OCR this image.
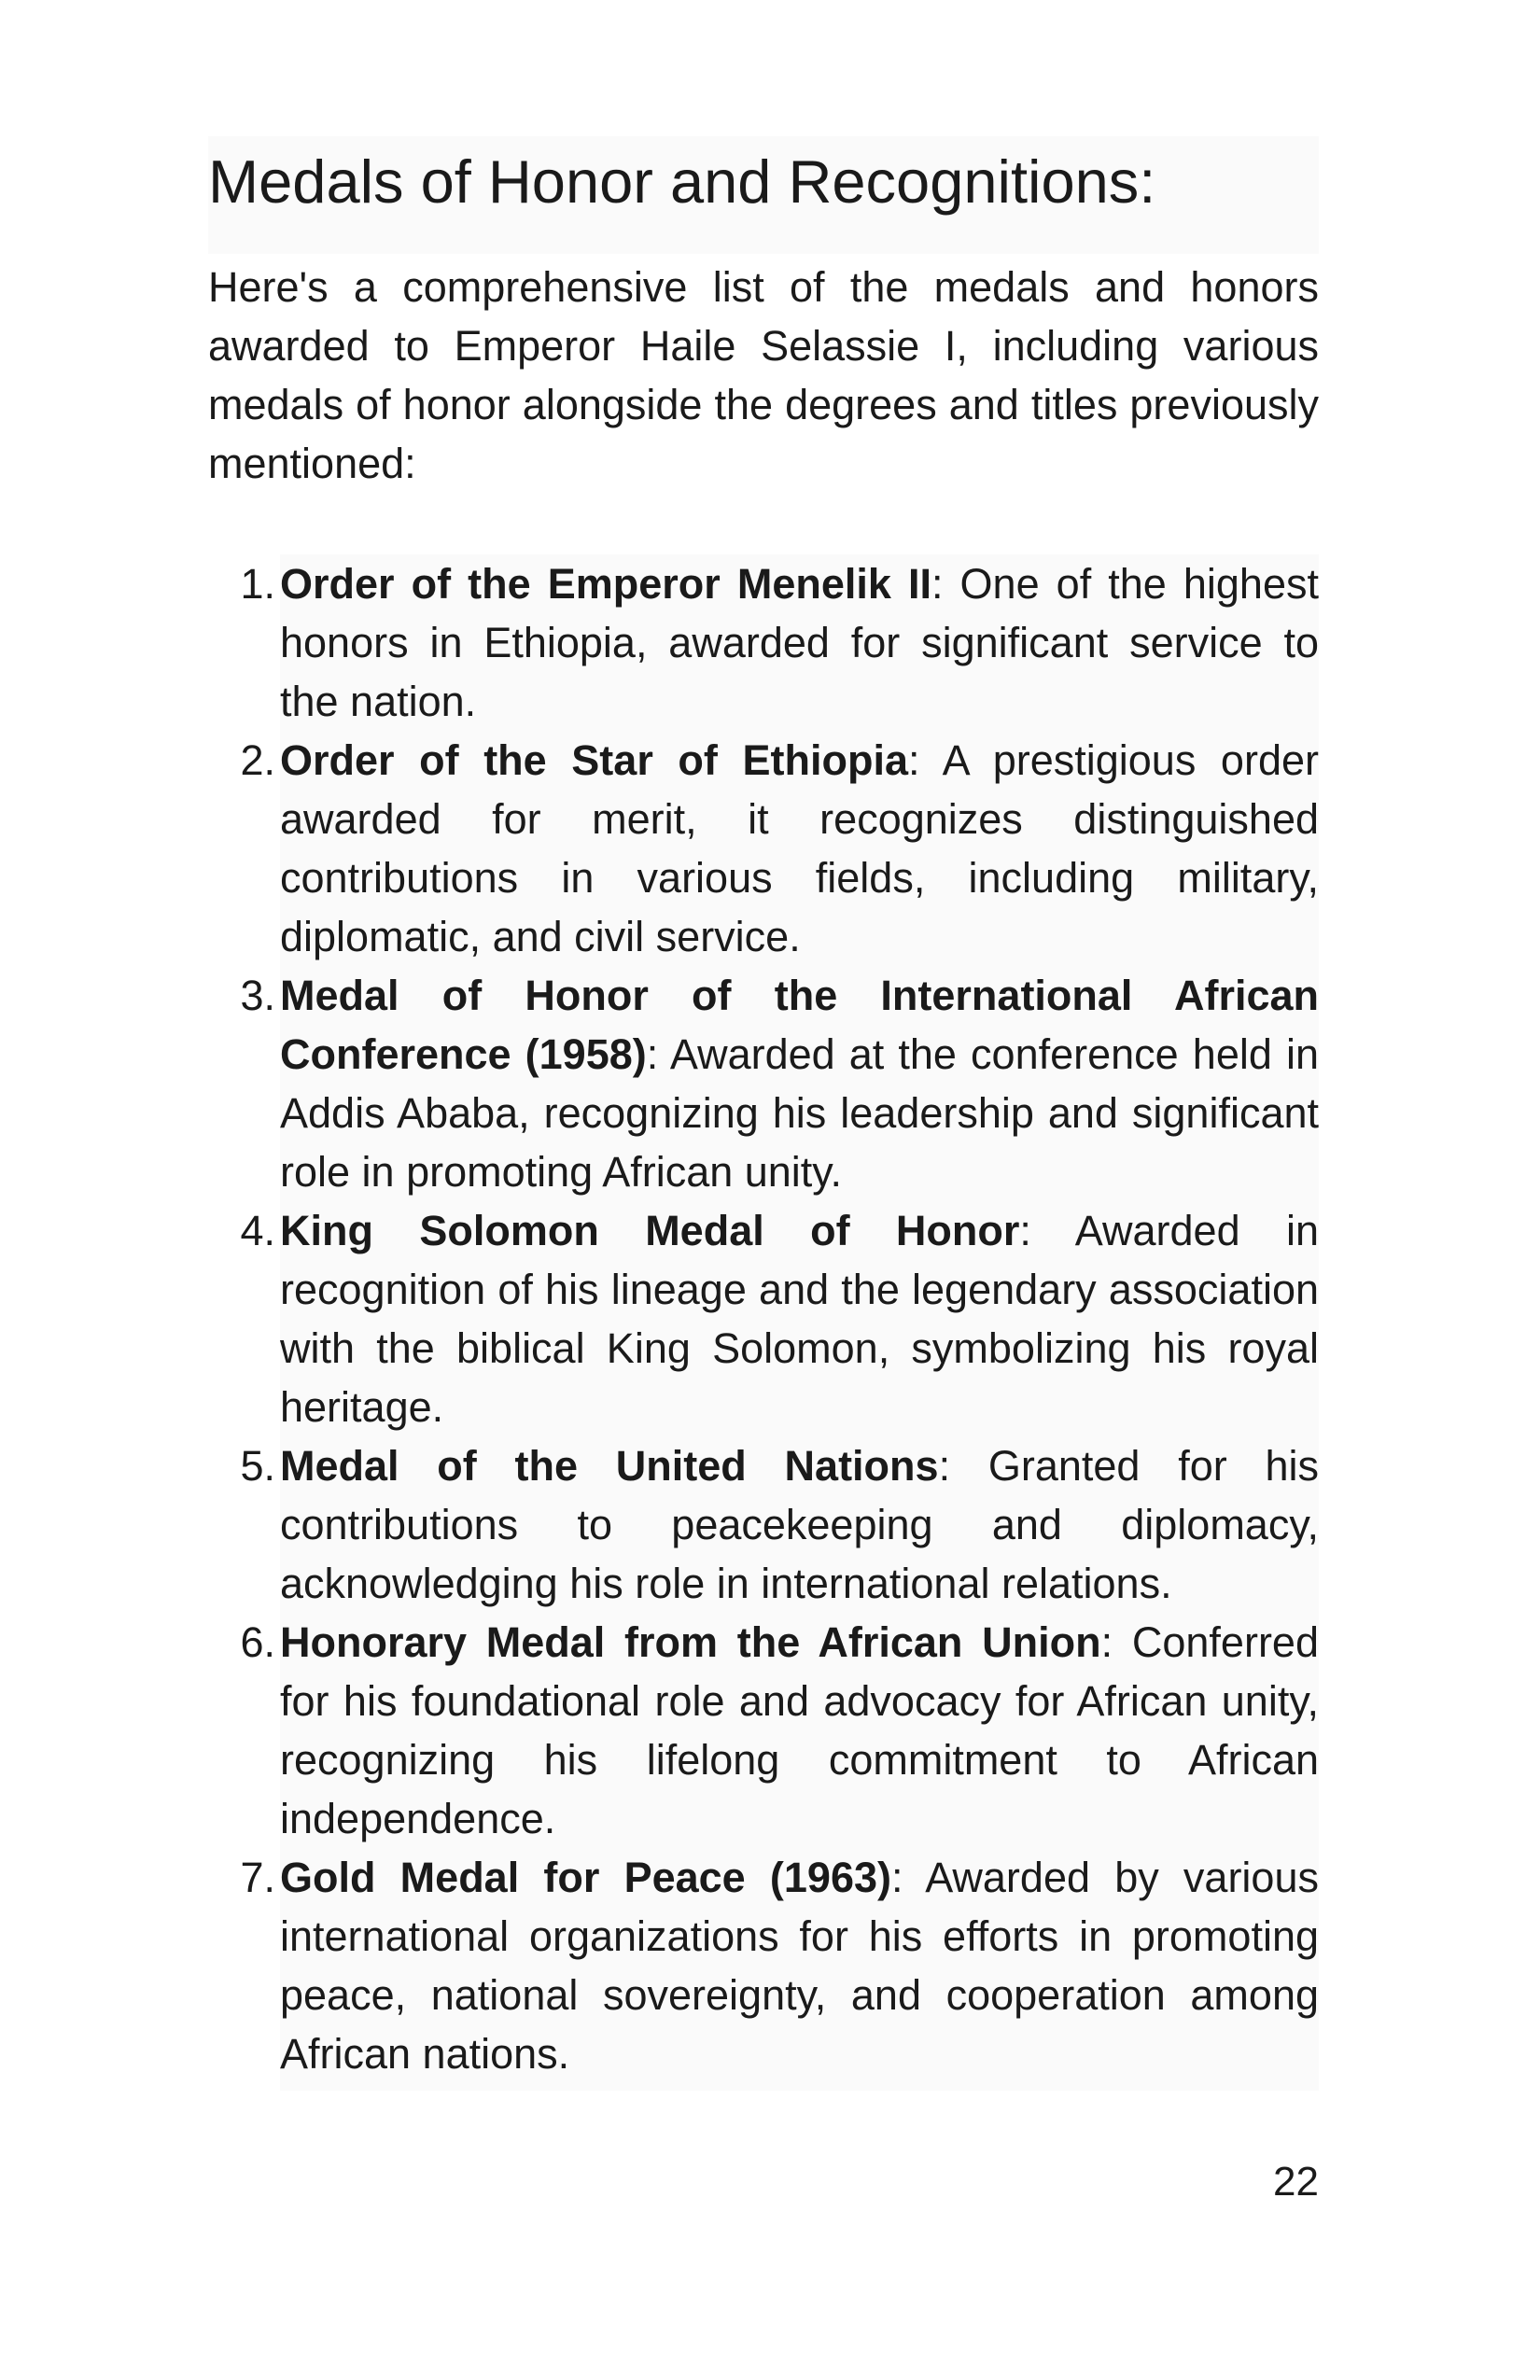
Medals of Honor and Recognitions:

Here's a comprehensive list of the medals and honors awarded to Emperor Haile Selassie I, including various medals of honor alongside the degrees and titles previously mentioned:

1. Order of the Emperor Menelik II: One of the highest honors in Ethiopia, awarded for significant service to the nation.
2. Order of the Star of Ethiopia: A prestigious order awarded for merit, it recognizes distinguished contributions in various fields, including military, diplomatic, and civil service.
3. Medal of Honor of the International African Conference (1958): Awarded at the conference held in Addis Ababa, recognizing his leadership and significant role in promoting African unity.
4. King Solomon Medal of Honor: Awarded in recognition of his lineage and the legendary association with the biblical King Solomon, symbolizing his royal heritage.
5. Medal of the United Nations: Granted for his contributions to peacekeeping and diplomacy, acknowledging his role in international relations.
6. Honorary Medal from the African Union: Conferred for his foundational role and advocacy for African unity, recognizing his lifelong commitment to African independence.
7. Gold Medal for Peace (1963): Awarded by various international organizations for his efforts in promoting peace, national sovereignty, and cooperation among African nations.
22
